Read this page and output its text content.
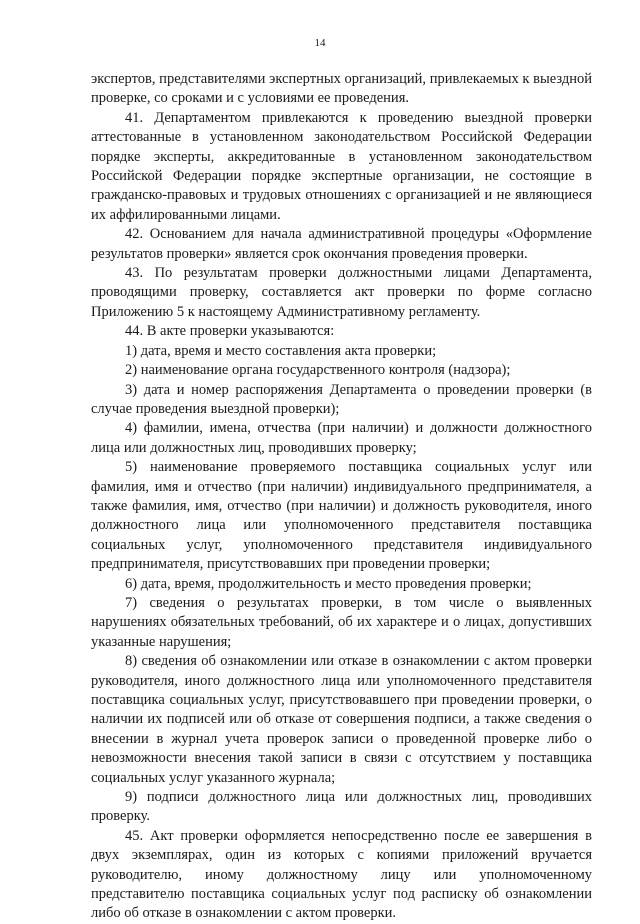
14

экспертов, представителями экспертных организаций, привлекаемых к выездной проверке, со сроками и с условиями ее проведения.

41. Департаментом привлекаются к проведению выездной проверки аттестованные в установленном законодательством Российской Федерации порядке эксперты, аккредитованные в установленном законодательством Российской Федерации порядке экспертные организации, не состоящие в гражданско-правовых и трудовых отношениях с организацией и не являющиеся их аффилированными лицами.

42. Основанием для начала административной процедуры «Оформление результатов проверки» является срок окончания проведения проверки.

43. По результатам проверки должностными лицами Департамента, проводящими проверку, составляется акт проверки по форме согласно Приложению 5 к настоящему Административному регламенту.

44. В акте проверки указываются:

1) дата, время и место составления акта проверки;

2) наименование органа государственного контроля (надзора);

3) дата и номер распоряжения Департамента о проведении проверки (в случае проведения выездной проверки);

4) фамилии, имена, отчества (при наличии) и должности должностного лица или должностных лиц, проводивших проверку;

5) наименование проверяемого поставщика социальных услуг или фамилия, имя и отчество (при наличии) индивидуального предпринимателя, а также фамилия, имя, отчество (при наличии) и должность руководителя, иного должностного лица или уполномоченного представителя поставщика социальных услуг, уполномоченного представителя индивидуального предпринимателя, присутствовавших при проведении проверки;

6) дата, время, продолжительность и место проведения проверки;

7) сведения о результатах проверки, в том числе о выявленных нарушениях обязательных требований, об их характере и о лицах, допустивших указанные нарушения;

8) сведения об ознакомлении или отказе в ознакомлении с актом проверки руководителя, иного должностного лица или уполномоченного представителя поставщика социальных услуг, присутствовавшего при проведении проверки, о наличии их подписей или об отказе от совершения подписи, а также сведения о внесении в журнал учета проверок записи о проведенной проверке либо о невозможности внесения такой записи в связи с отсутствием у поставщика социальных услуг указанного журнала;

9) подписи должностного лица или должностных лиц, проводивших проверку.

45. Акт проверки оформляется непосредственно после ее завершения в двух экземплярах, один из которых с копиями приложений вручается руководителю, иному должностному лицу или уполномоченному представителю поставщика социальных услуг под расписку об ознакомлении либо об отказе в ознакомлении с актом проверки.
